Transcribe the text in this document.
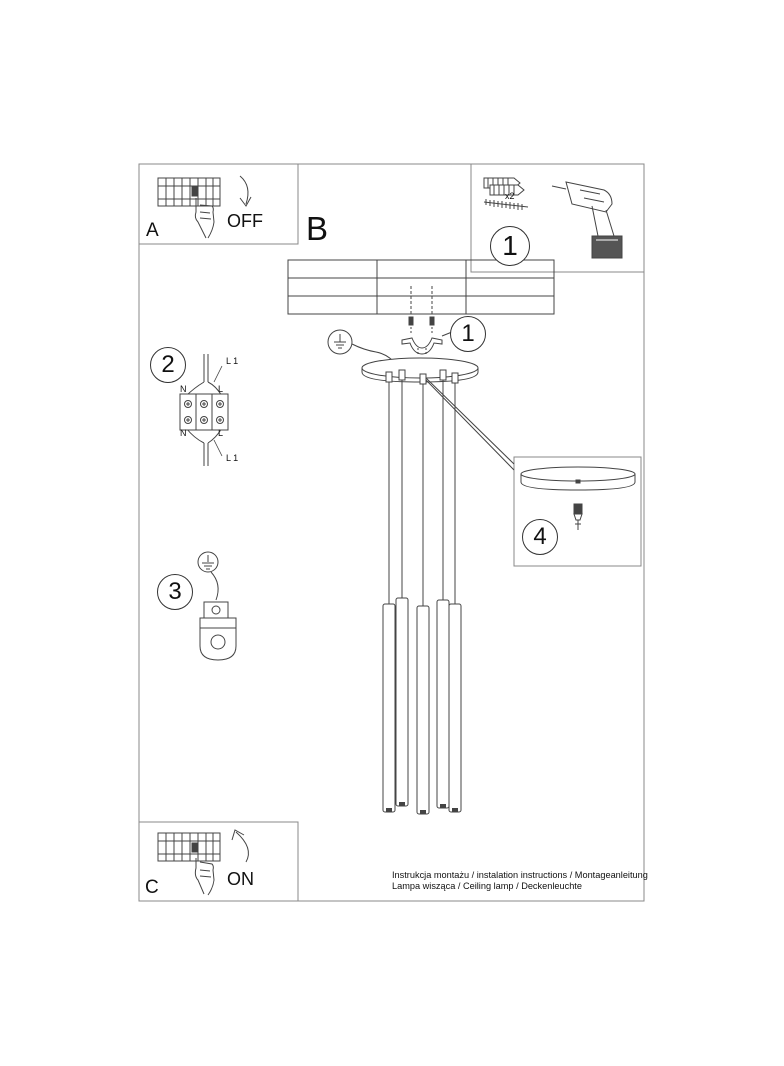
A	OFF B
C	ON
x2
1
1
2
3
4
L 1
N	L
N	L
L 1
Instrukcja montażu / instalation instructions / Montageanleitung
Lampa wisząca / Ceiling lamp / Deckenleuchte
